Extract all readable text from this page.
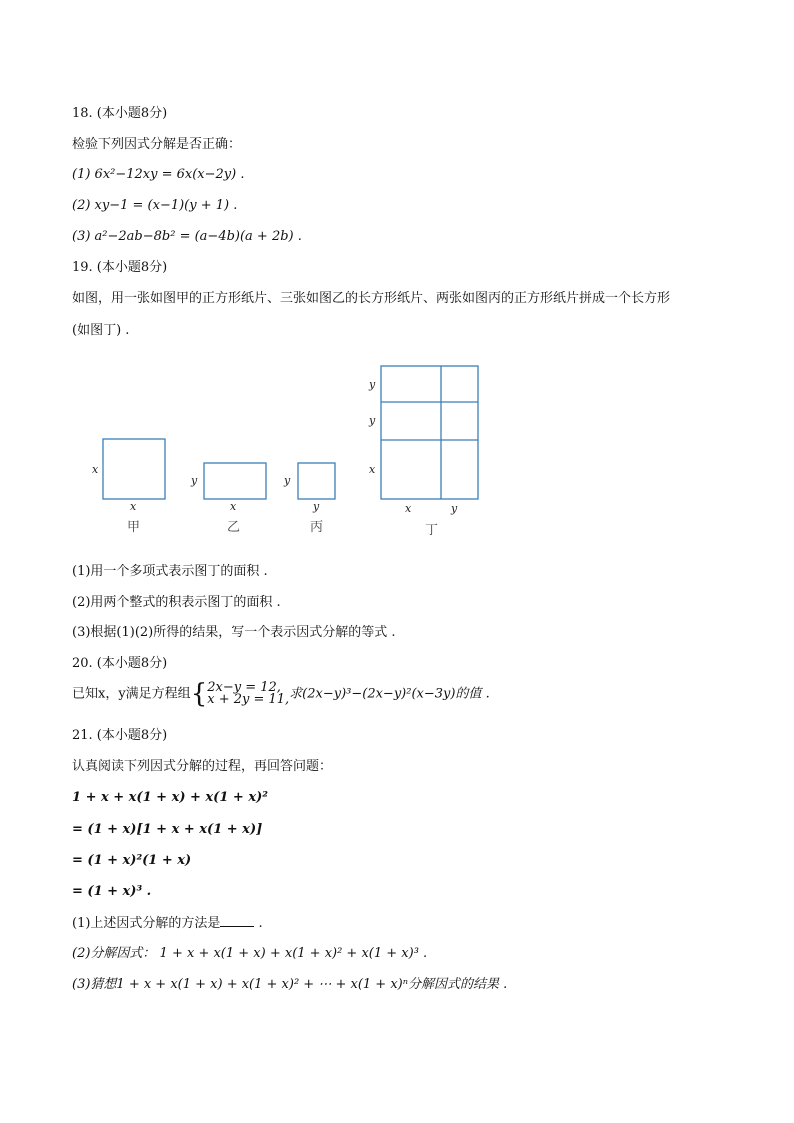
18. (本小题8分)
检验下列因式分解是否正确：
(1) 6x²−12xy = 6x(x−2y) .
(2) xy−1 = (x−1)(y + 1) .
(3) a²−2ab−8b² = (a−4b)(a + 2b) .
19. (本小题8分)
如图，用一张如图甲的正方形纸片、三张如图乙的长方形纸片、两张如图丙的正方形纸片拼成一个长方形
(如图丁) .
x
x
y
x
y
y
y
y
x
x	y
甲	乙	丙	丁
(1)用一个多项式表示图丁的面积 .
(2)用两个整式的积表示图丁的面积 .
(3)根据(1)(2)所得的结果，写一个表示因式分解的等式 .
20. (本小题8分)
已知x，y满足方程组{2x−y = 12,
x + 2y = 11,求(2x−y)³−(2x−y)²(x−3y)的值 .
21. (本小题8分)
认真阅读下列因式分解的过程，再回答问题：
1 + x + x(1 + x) + x(1 + x)²
= (1 + x)[1 + x + x(1 + x)]
= (1 + x)²(1 + x)
= (1 + x)³ .
(1)上述因式分解的方法是	.
(2)分解因式： 1 + x + x(1 + x) + x(1 + x)² + x(1 + x)³ .
(3)猜想1 + x + x(1 + x) + x(1 + x)² + ⋯ + x(1 + x)ⁿ分解因式的结果 .
